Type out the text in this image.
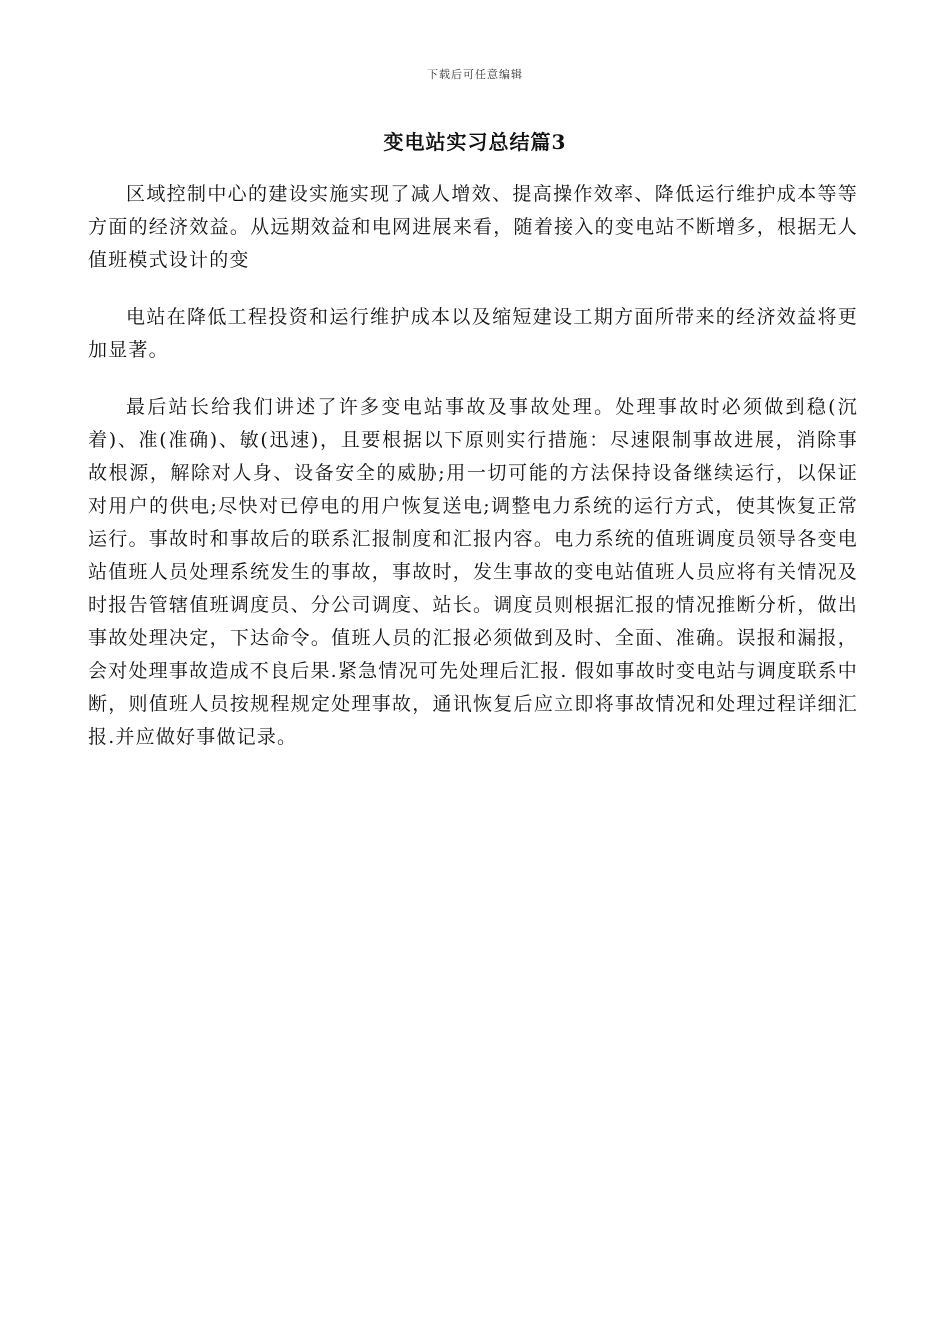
下载后可任意编辑
变电站实习总结篇3

区域控制中心的建设实施实现了减人增效、提高操作效率、降低运行维护成本等等方面的经济效益。从远期效益和电网进展来看，随着接入的变电站不断增多，根据无人值班模式设计的变

电站在降低工程投资和运行维护成本以及缩短建设工期方面所带来的经济效益将更加显著。

最后站长给我们讲述了许多变电站事故及事故处理。处理事故时必须做到稳(沉着)、准(准确)、敏(迅速)，且要根据以下原则实行措施：尽速限制事故进展，消除事故根源，解除对人身、设备安全的威胁;用一切可能的方法保持设备继续运行，以保证对用户的供电;尽快对已停电的用户恢复送电;调整电力系统的运行方式，使其恢复正常运行。事故时和事故后的联系汇报制度和汇报内容。电力系统的值班调度员领导各变电站值班人员处理系统发生的事故，事故时，发生事故的变电站值班人员应将有关情况及时报告管辖值班调度员、分公司调度、站长。调度员则根据汇报的情况推断分析，做出事故处理决定，下达命令。值班人员的汇报必须做到及时、全面、准确。误报和漏报，会对处理事故造成不良后果.紧急情况可先处理后汇报. 假如事故时变电站与调度联系中断，则值班人员按规程规定处理事故，通讯恢复后应立即将事故情况和处理过程详细汇报.并应做好事做记录。
